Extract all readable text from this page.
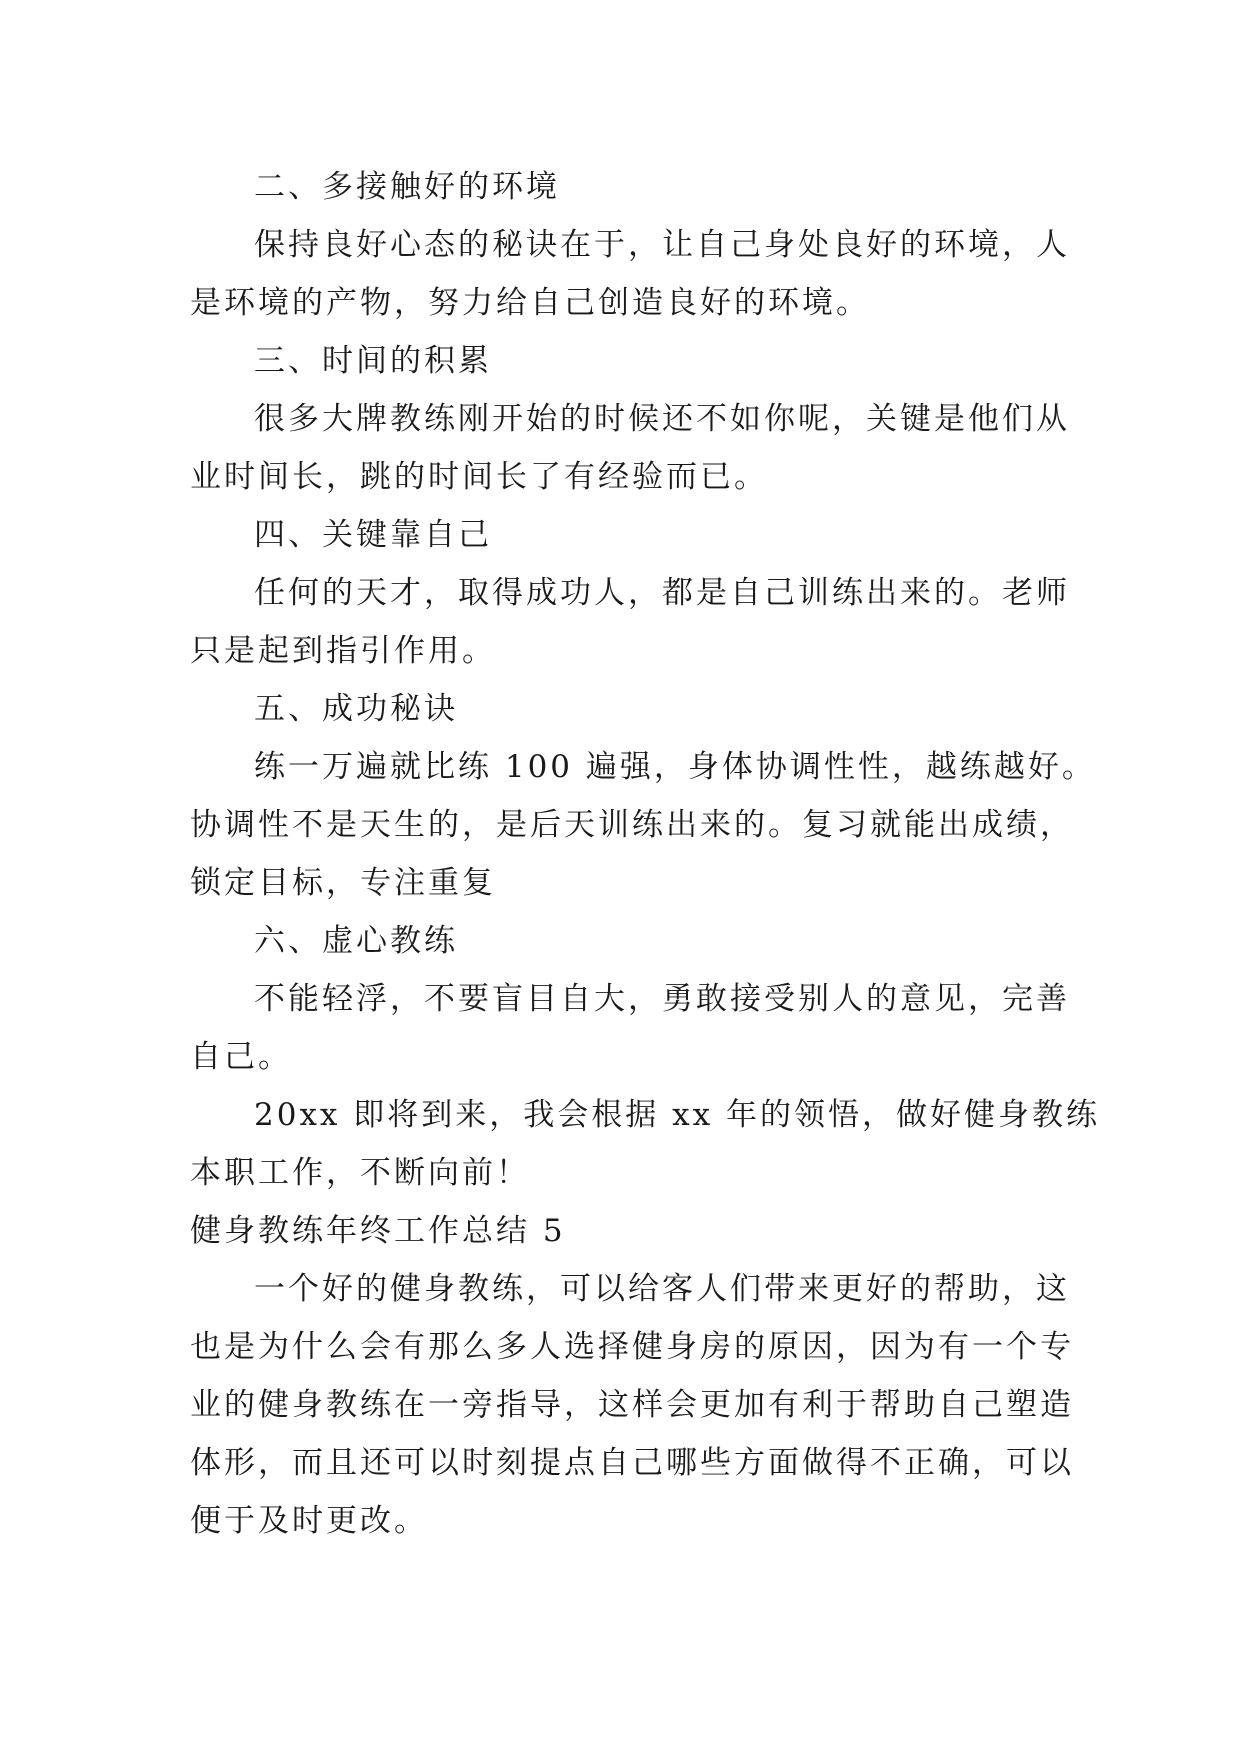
二、多接触好的环境

保持良好心态的秘诀在于，让自己身处良好的环境，人

是环境的产物，努力给自己创造良好的环境。

三、时间的积累

很多大牌教练刚开始的时候还不如你呢，关键是他们从

业时间长，跳的时间长了有经验而已。

四、关键靠自己

任何的天才，取得成功人，都是自己训练出来的。老师

只是起到指引作用。

五、成功秘诀

练一万遍就比练 100 遍强，身体协调性性，越练越好。

协调性不是天生的，是后天训练出来的。复习就能出成绩，

锁定目标，专注重复

六、虚心教练

不能轻浮，不要盲目自大，勇敢接受别人的意见，完善

自己。

20xx 即将到来，我会根据 xx 年的领悟，做好健身教练

本职工作，不断向前！

健身教练年终工作总结 5

一个好的健身教练，可以给客人们带来更好的帮助，这

也是为什么会有那么多人选择健身房的原因，因为有一个专

业的健身教练在一旁指导，这样会更加有利于帮助自己塑造

体形，而且还可以时刻提点自己哪些方面做得不正确，可以

便于及时更改。
